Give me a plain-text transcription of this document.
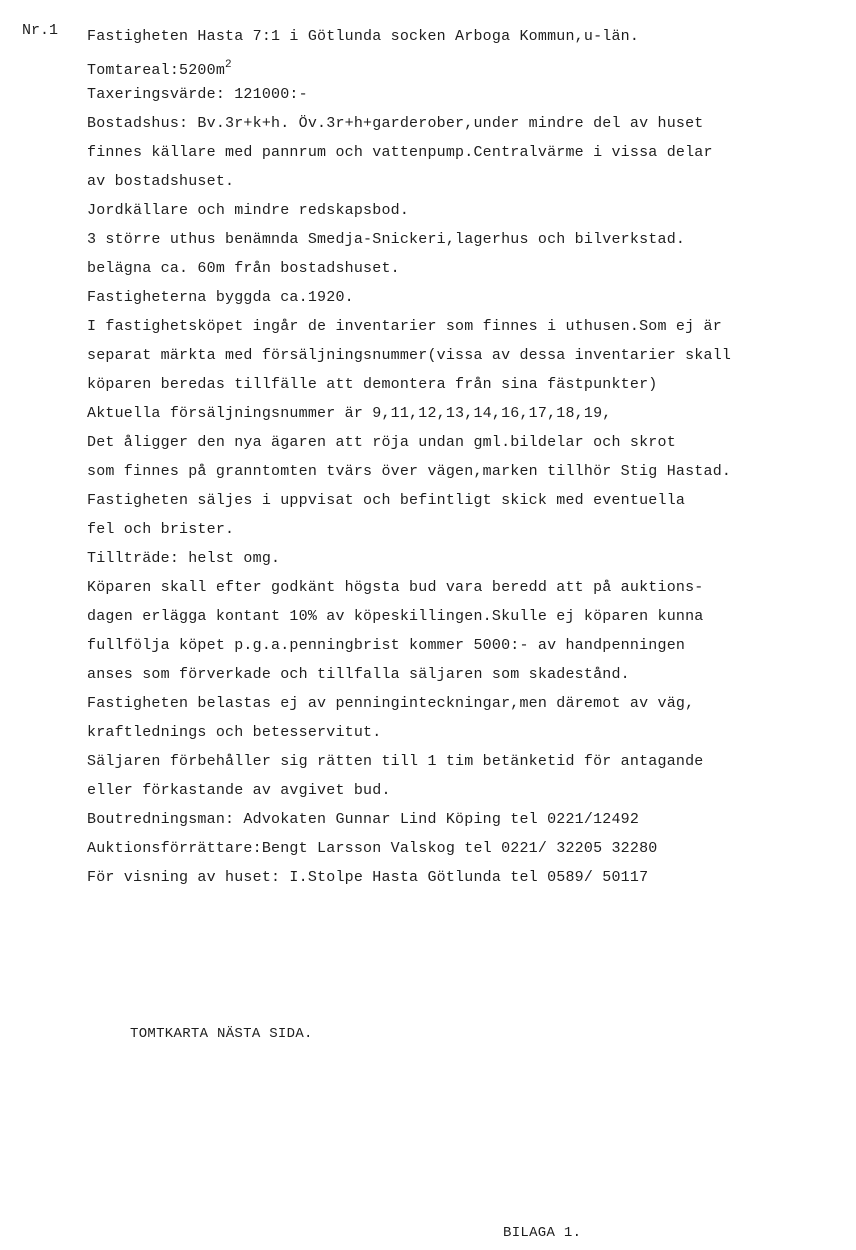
Nr.1 Fastigheten Hasta 7:1 i Götlunda socken Arboga Kommun,u-län.
$Tomtareal:5200m^2$
Taxeringsvärde: 121000:-
Bostadshus: Bv.3r+k+h. Öv.3r+h+garderober,under mindre del av huset
finnes källare med pannrum och vattenpump.Centralvärme i vissa delar
av bostadshuset.
Jordkällare och mindre redskapsbod.
3 större uthus benämnda Smedja-Snickeri,lagerhus och bilverkstad.
belägna ca. 60m från bostadshuset.
Fastigheterna byggda ca.1920.
I fastighetsköpet ingår de inventarier som finnes i uthusen.Som ej är
separat märkta med försäljningsnummer(vissa av dessa inventarier skall
köparen beredas tillfälle att demontera från sina fästpunkter)
Aktuella försäljningsnummer är 9,11,12,13,14,16,17,18,19,
Det åligger den nya ägaren att röja undan gml.bildelar och skrot
som finnes på granntomten tvärs över vägen,marken tillhör Stig Hastad.
Fastigheten säljes i uppvisat och befintligt skick med eventuella
fel och brister.
Tillträde: helst omg.
Köparen skall efter godkänt högsta bud vara beredd att på auktions-
dagen erlägga kontant 10% av köpeskillingen.Skulle ej köparen kunna
fullfölja köpet p.g.a.penningbrist kommer 5000:- av handpenningen
anses som förverkade och tillfalla säljaren som skadestånd.
Fastigheten belastas ej av penninginteckningar,men däremot av väg,
kraftlednings och betesservitut.
Säljaren förbehåller sig rätten till 1 tim betänketid för antagande
eller förkastande av avgivet bud.
Boutredningsman: Advokaten Gunnar Lind Köping tel 0221/12492
Auktionsförrättare:Bengt Larsson Valskog tel 0221/ 32205 32280
För visning av huset: I.Stolpe Hasta Götlunda tel 0589/ 50117
TOMTKARTA NÄSTA SIDA.
BILAGA 1.
